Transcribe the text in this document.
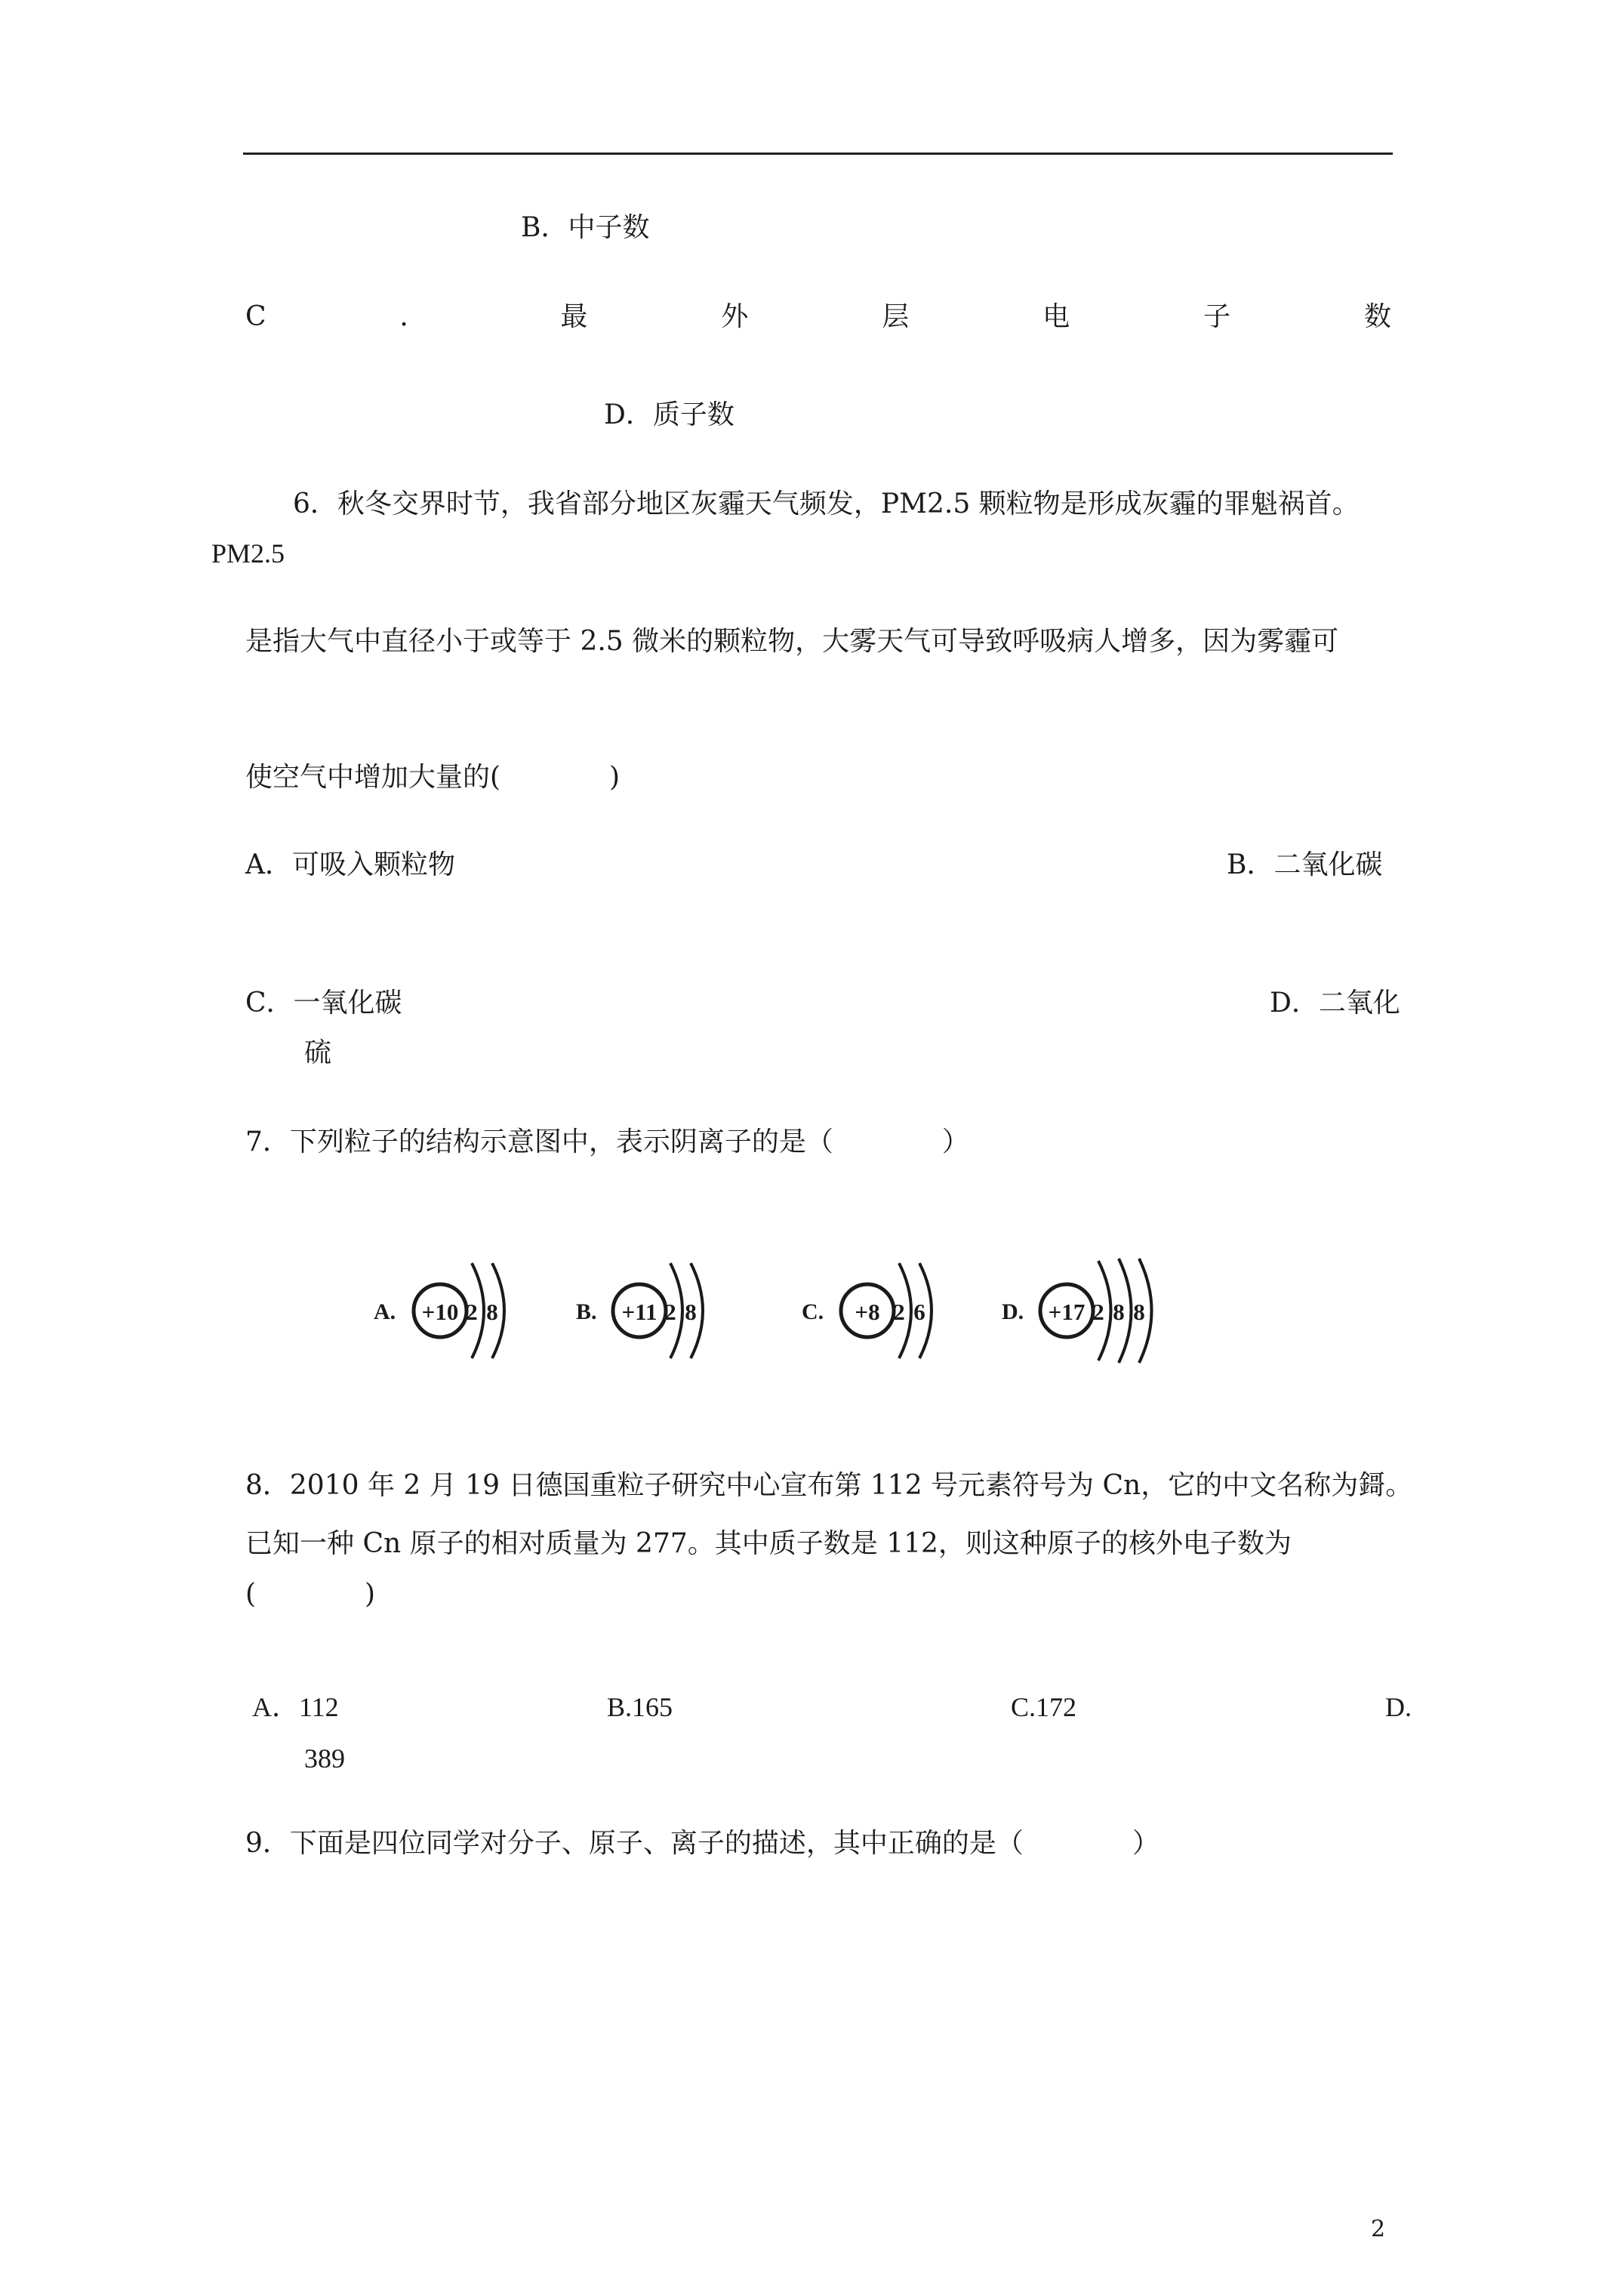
B．中子数
C	．	最	外	层	电	子	数
D．质子数
6．秋冬交界时节，我省部分地区灰霾天气频发，PM2.5 颗粒物是形成灰霾的罪魁祸首。
PM2.5
是指大气中直径小于或等于 2.5 微米的颗粒物，大雾天气可导致呼吸病人增多，因为雾霾可
使空气中增加大量的(　　　　)
A．可吸入颗粒物	B．二氧化碳
C．一氧化碳	D．二氧化
硫
7．下列粒子的结构示意图中，表示阴离子的是（　　　　）
A. +10 2 8	B. +11 2 8	C. +8 2 6	D. +17 2 8 8
8．2010 年 2 月 19 日德国重粒子研究中心宣布第 112 号元素符号为 Cn，它的中文名称为鎶。
已知一种 Cn 原子的相对质量为 277。其中质子数是 112，则这种原子的核外电子数为
(　　　　)
A．112	B.165	C.172	D.
389
9．下面是四位同学对分子、原子、离子的描述，其中正确的是（　　　　）
2
